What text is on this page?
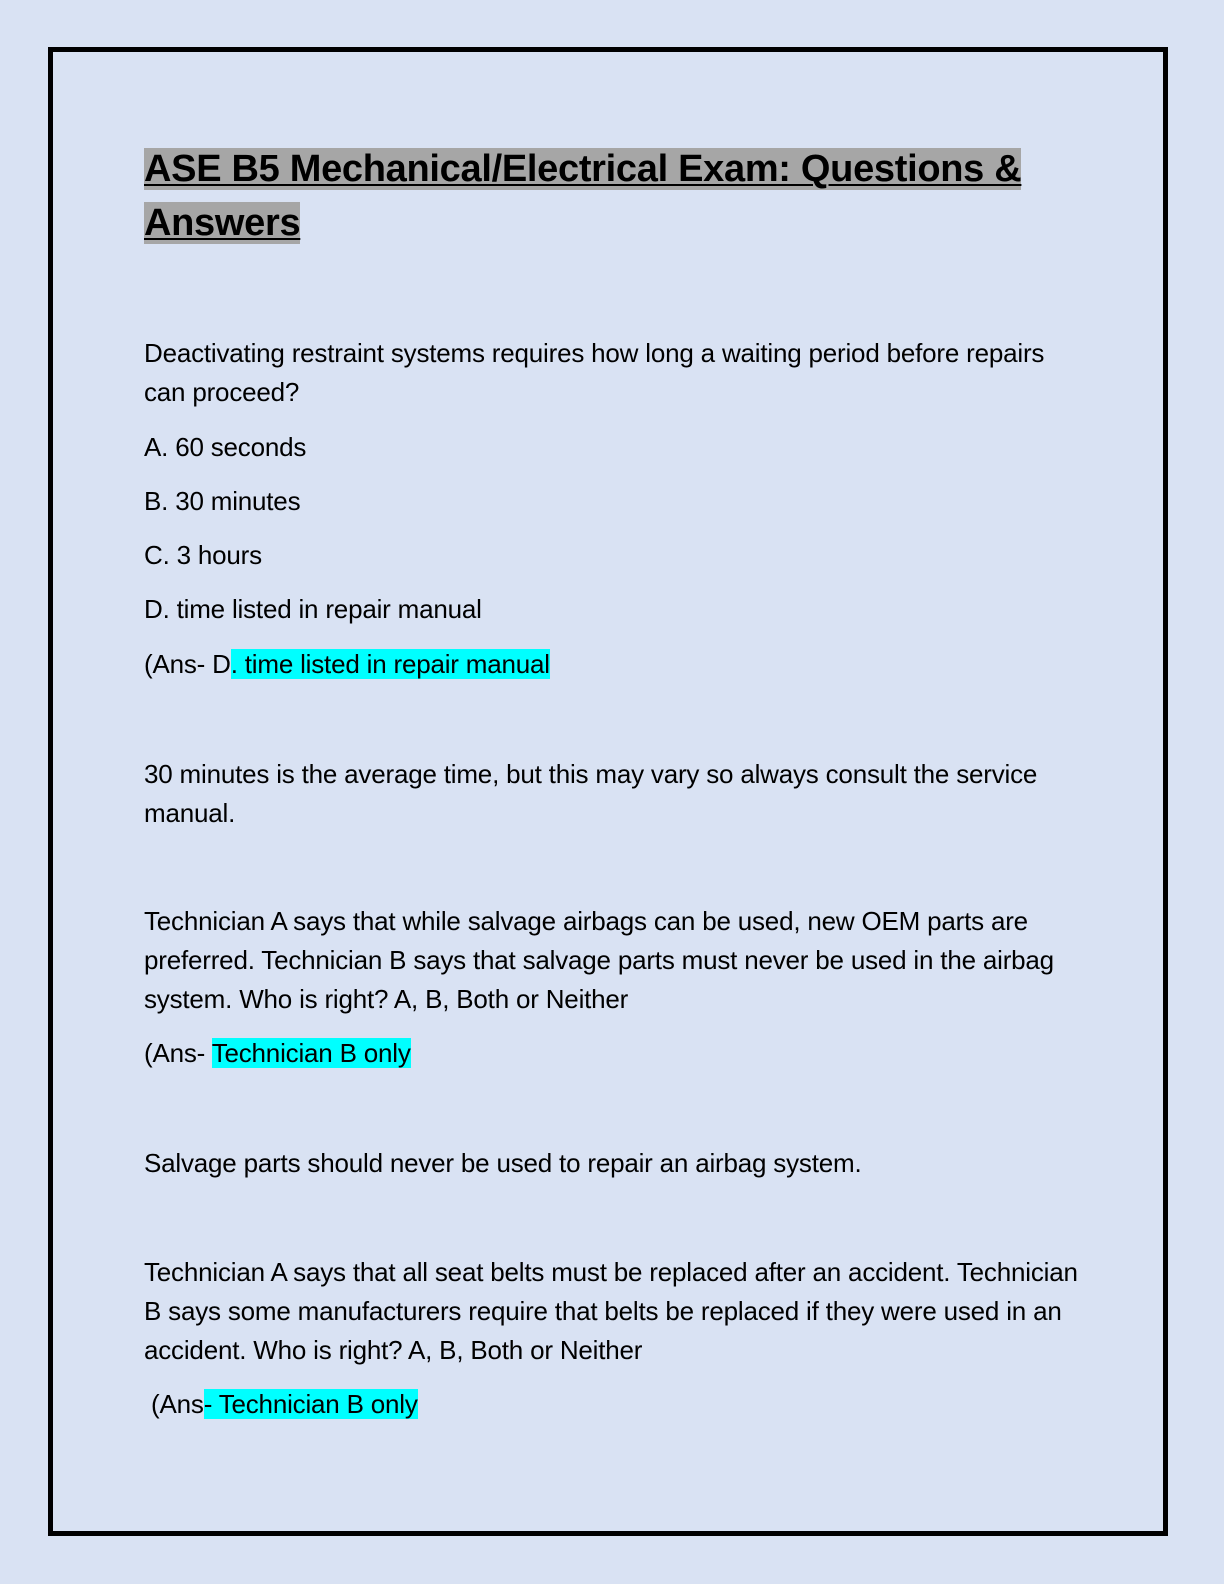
ASE B5 Mechanical/Electrical Exam: Questions & Answers

Deactivating restraint systems requires how long a waiting period before repairs can proceed?

A. 60 seconds

B. 30 minutes

C. 3 hours

D. time listed in repair manual

(Ans- D. time listed in repair manual

30 minutes is the average time, but this may vary so always consult the service manual.

Technician A says that while salvage airbags can be used, new OEM parts are preferred. Technician B says that salvage parts must never be used in the airbag system. Who is right? A, B, Both or Neither

(Ans- Technician B only

Salvage parts should never be used to repair an airbag system.

Technician A says that all seat belts must be replaced after an accident. Technician B says some manufacturers require that belts be replaced if they were used in an accident. Who is right? A, B, Both or Neither

(Ans- Technician B only
